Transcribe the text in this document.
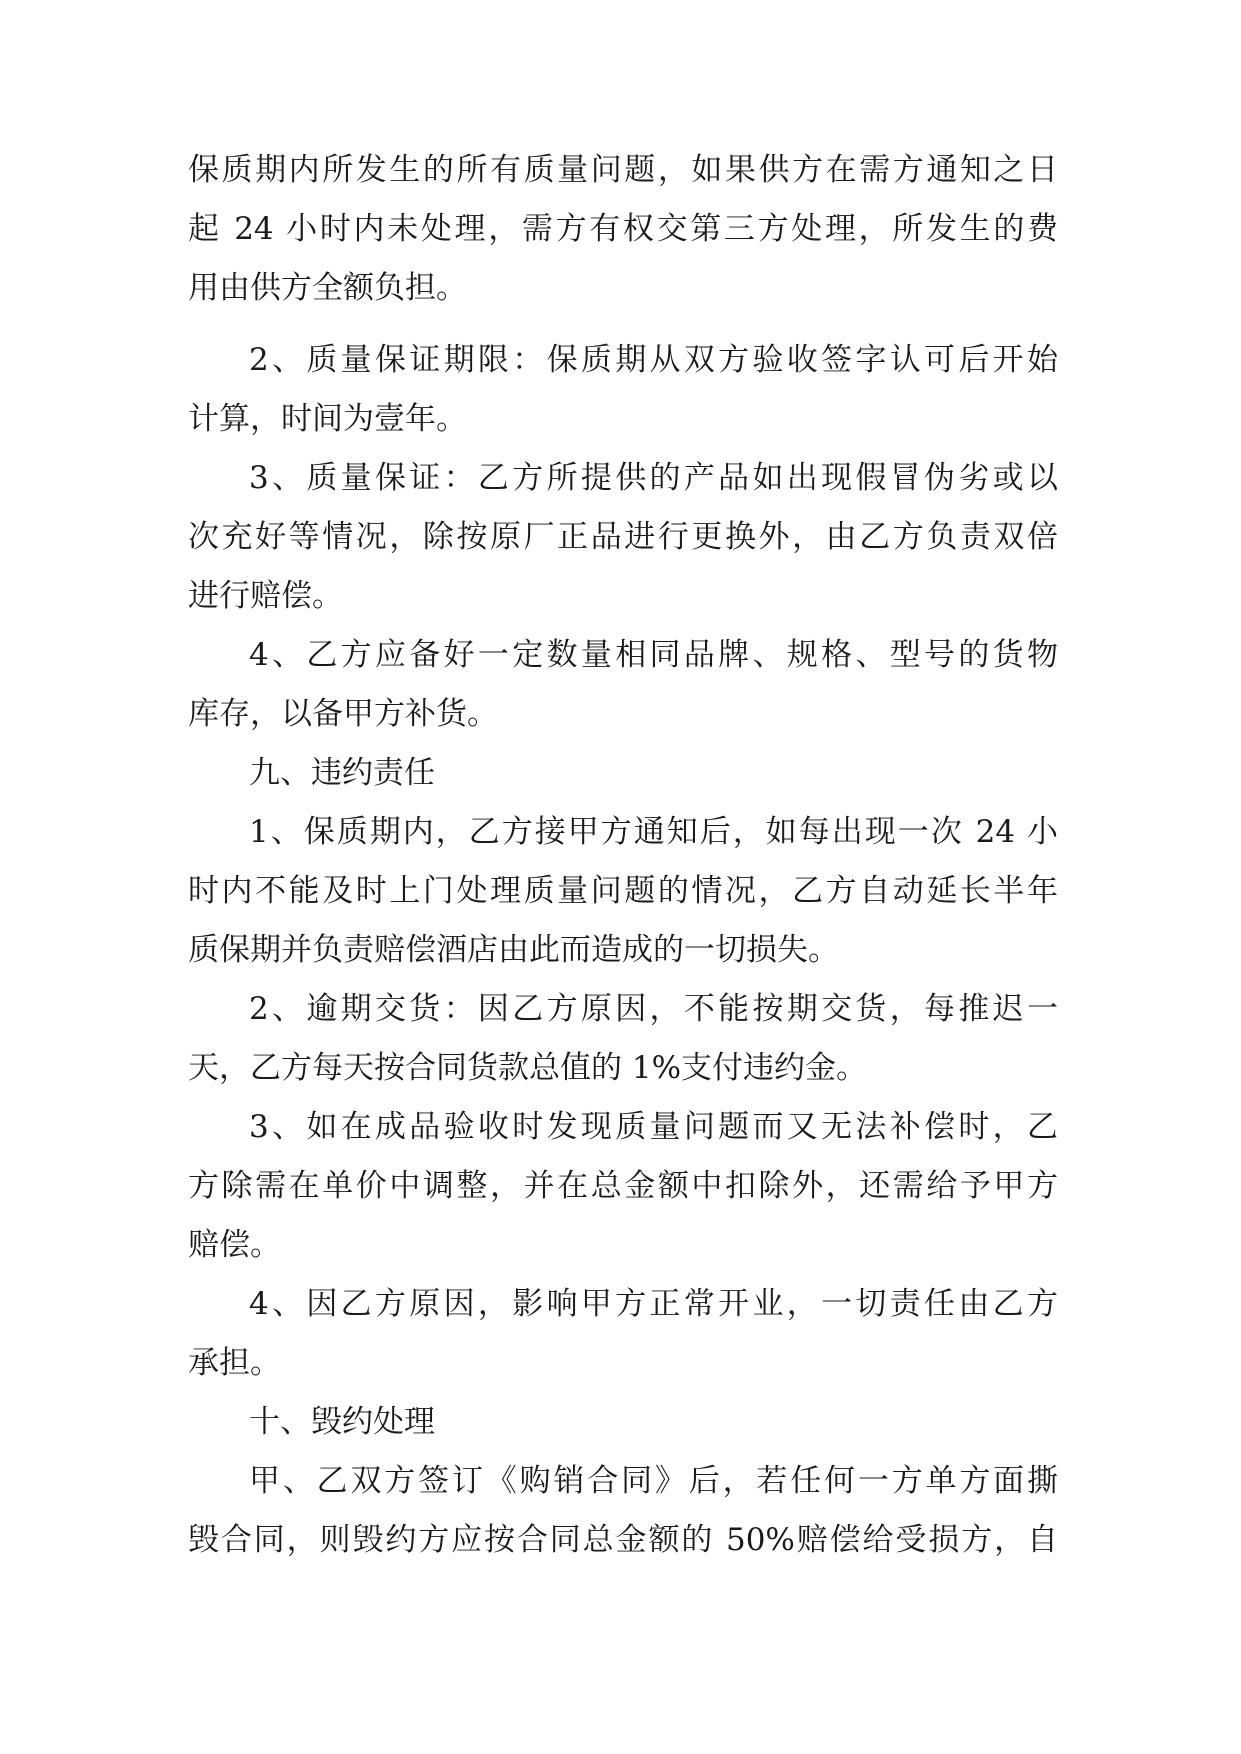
保质期内所发生的所有质量问题，如果供方在需方通知之日
起 24 小时内未处理，需方有权交第三方处理，所发生的费
用由供方全额负担。
2、质量保证期限：保质期从双方验收签字认可后开始
计算，时间为壹年。
3、质量保证：乙方所提供的产品如出现假冒伪劣或以
次充好等情况，除按原厂正品进行更换外，由乙方负责双倍
进行赔偿。
4、乙方应备好一定数量相同品牌、规格、型号的货物
库存，以备甲方补货。
九、违约责任
1、保质期内，乙方接甲方通知后，如每出现一次 24 小
时内不能及时上门处理质量问题的情况，乙方自动延长半年
质保期并负责赔偿酒店由此而造成的一切损失。
2、逾期交货：因乙方原因，不能按期交货，每推迟一
天，乙方每天按合同货款总值的 1%支付违约金。
3、如在成品验收时发现质量问题而又无法补偿时，乙
方除需在单价中调整，并在总金额中扣除外，还需给予甲方
赔偿。
4、因乙方原因，影响甲方正常开业，一切责任由乙方
承担。
十、毁约处理
甲、乙双方签订《购销合同》后，若任何一方单方面撕
毁合同，则毁约方应按合同总金额的 50%赔偿给受损方，自
